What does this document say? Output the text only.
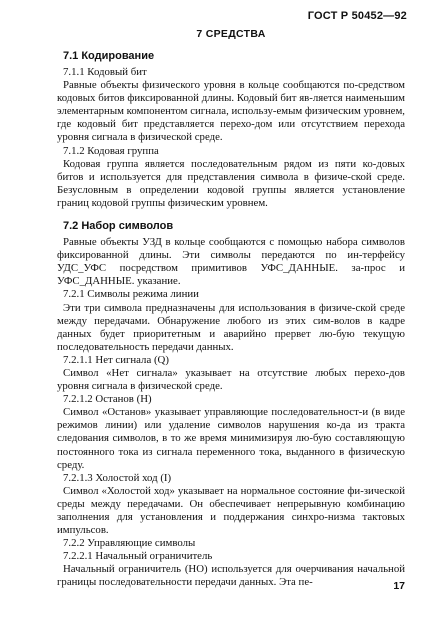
ГОСТ Р 50452—92
7 СРЕДСТВА
7.1 Кодирование

7.1.1 Кодовый бит

Равные объекты физического уровня в кольце сообщаются по-средством кодовых битов фиксированной длины. Кодовый бит яв-ляется наименьшим элементарным компонентом сигнала, использу-емым физическим уровнем, где кодовый бит представляется перехо-дом или отсутствием перехода уровня сигнала в физической среде.

7.1.2 Кодовая группа

Кодовая группа является последовательным рядом из пяти ко-довых битов и используется для представления символа в физиче-ской среде. Безусловным в определении кодовой группы является установление границ кодовой группы физическим уровнем.

7.2 Набор символов

Равные объекты УЗД в кольце сообщаются с помощью набора символов фиксированной длины. Эти символы передаются по ин-терфейсу УДС_УФС посредством примитивов УФС_ДАННЫЕ. за-прос и УФС_ДАННЫЕ. указание.

7.2.1 Символы режима линии

Эти три символа предназначены для использования в физиче-ской среде между передачами. Обнаружение любого из этих сим-волов в кадре данных будет приоритетным и аварийно прервет лю-бую текущую последовательность передачи данных.

7.2.1.1 Нет сигнала (Q)

Символ «Нет сигнала» указывает на отсутствие любых перехо-дов уровня сигнала в физической среде.

7.2.1.2 Останов (H)

Символ «Останов» указывает управляющие последовательност-и (в виде режимов линии) или удаление символов нарушения ко-да из тракта следования символов, в то же время минимизируя лю-бую составляющую постоянного тока из сигнала переменного тока, выданного в физическую среду.

7.2.1.3 Холостой ход (I)

Символ «Холостой ход» указывает на нормальное состояние фи-зической среды между передачами. Он обеспечивает непрерывную комбинацию заполнения для установления и поддержания синхро-низма тактовых импульсов.

7.2.2 Управляющие символы

7.2.2.1 Начальный ограничитель

Начальный ограничитель (НО) используется для очерчивания начальной границы последовательности передачи данных. Эта пе-	17
